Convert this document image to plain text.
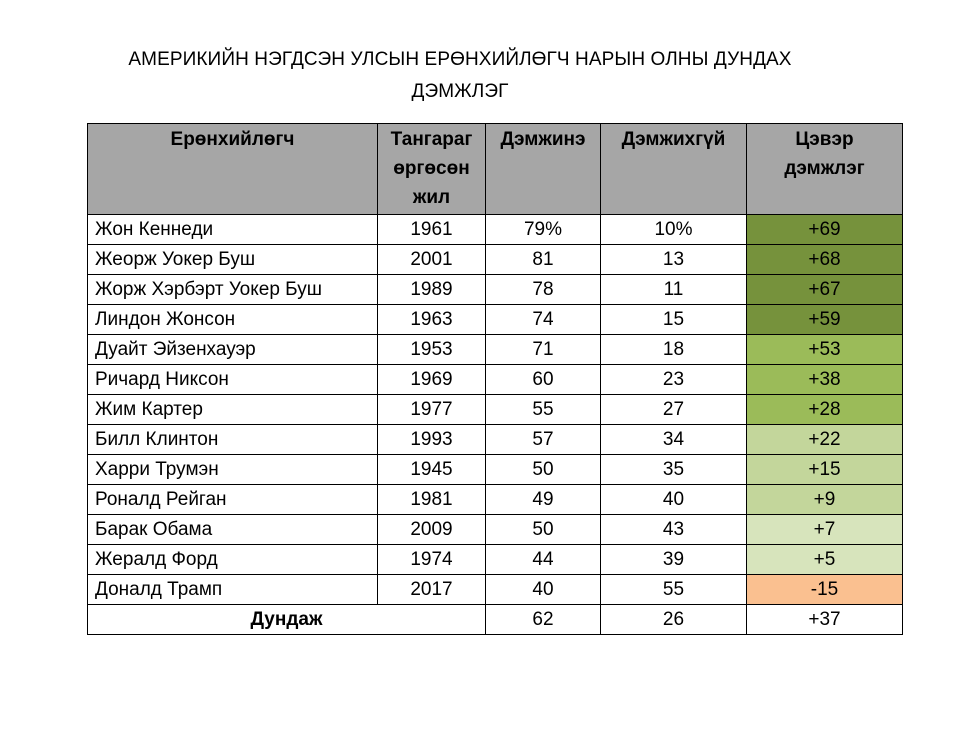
АМЕРИКИЙН НЭГДСЭН УЛСЫН ЕРӨНХИЙЛӨГЧ НАРЫН ОЛНЫ ДУНДАХ
ДЭМЖЛЭГ
Ерөнхийлөгч	Тангараг өргөсөн жил	Дэмжинэ	Дэмжихгүй	Цэвэр дэмжлэг
Жон Кеннеди	1961	79%	10%	+69
Жеорж Уокер Буш	2001	81	13	+68
Жорж Хэрбэрт Уокер Буш	1989	78	11	+67
Линдон Жонсон	1963	74	15	+59
Дуайт Эйзенхауэр	1953	71	18	+53
Ричард Никсон	1969	60	23	+38
Жим Картер	1977	55	27	+28
Билл Клинтон	1993	57	34	+22
Харри Трумэн	1945	50	35	+15
Роналд Рейган	1981	49	40	+9
Барак Обама	2009	50	43	+7
Жералд Форд	1974	44	39	+5
Доналд Трамп	2017	40	55	-15
Дундаж		62	26	+37
